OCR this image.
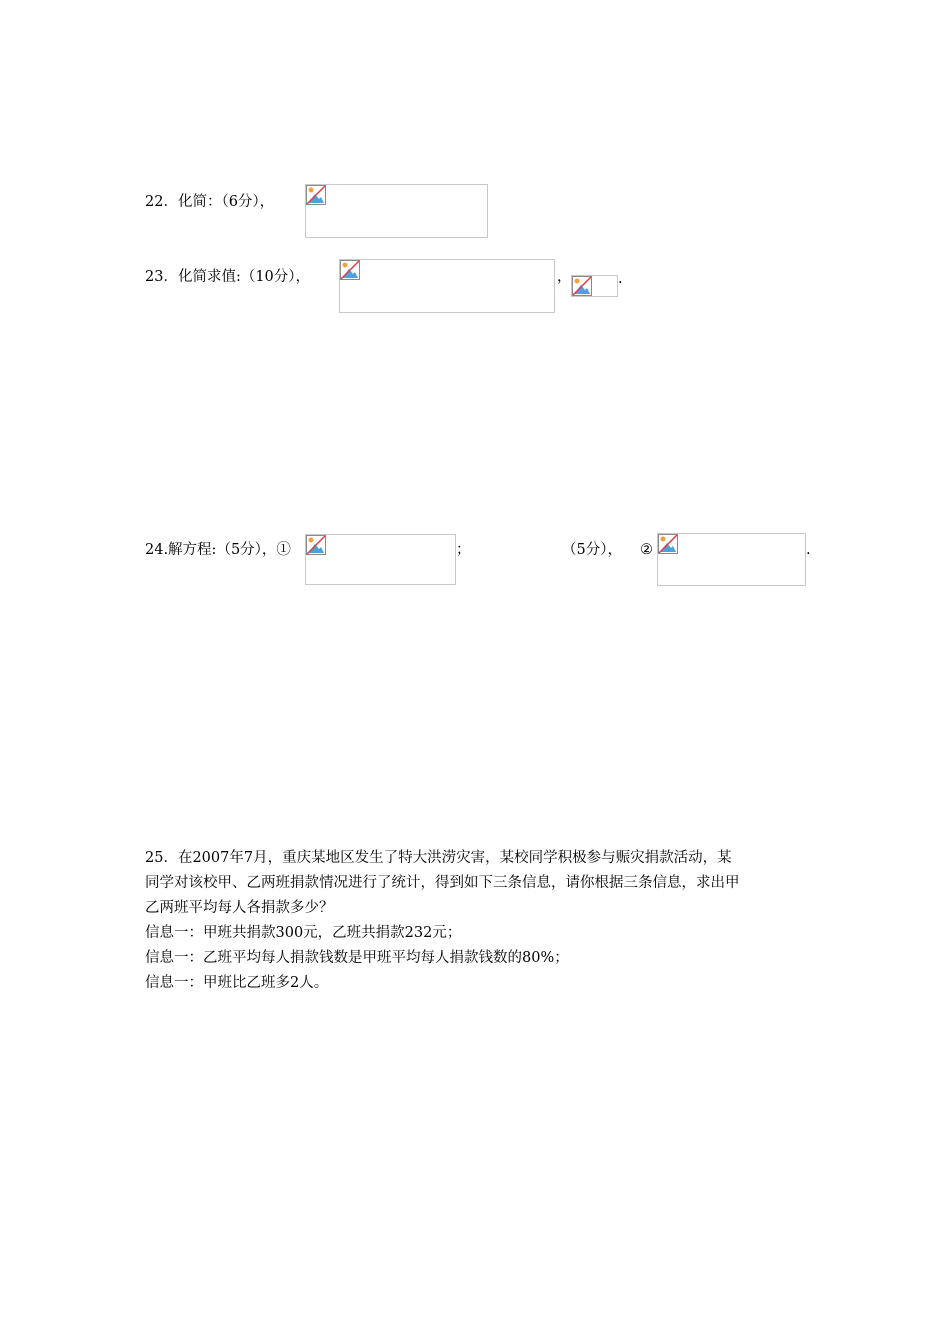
22．化简：（6分），
23．化简求值:（10分），	，	.
24.解方程:（5分），①	；	（5分）， ②	.
25．在2007年7月，重庆某地区发生了特大洪涝灾害，某校同学积极参与赈灾捐款活动，某
同学对该校甲、乙两班捐款情况进行了统计，得到如下三条信息，请你根据三条信息，求出甲
乙两班平均每人各捐款多少？
信息一：甲班共捐款300元，乙班共捐款232元；
信息一：乙班平均每人捐款钱数是甲班平均每人捐款钱数的80%；
信息一：甲班比乙班多2人。
